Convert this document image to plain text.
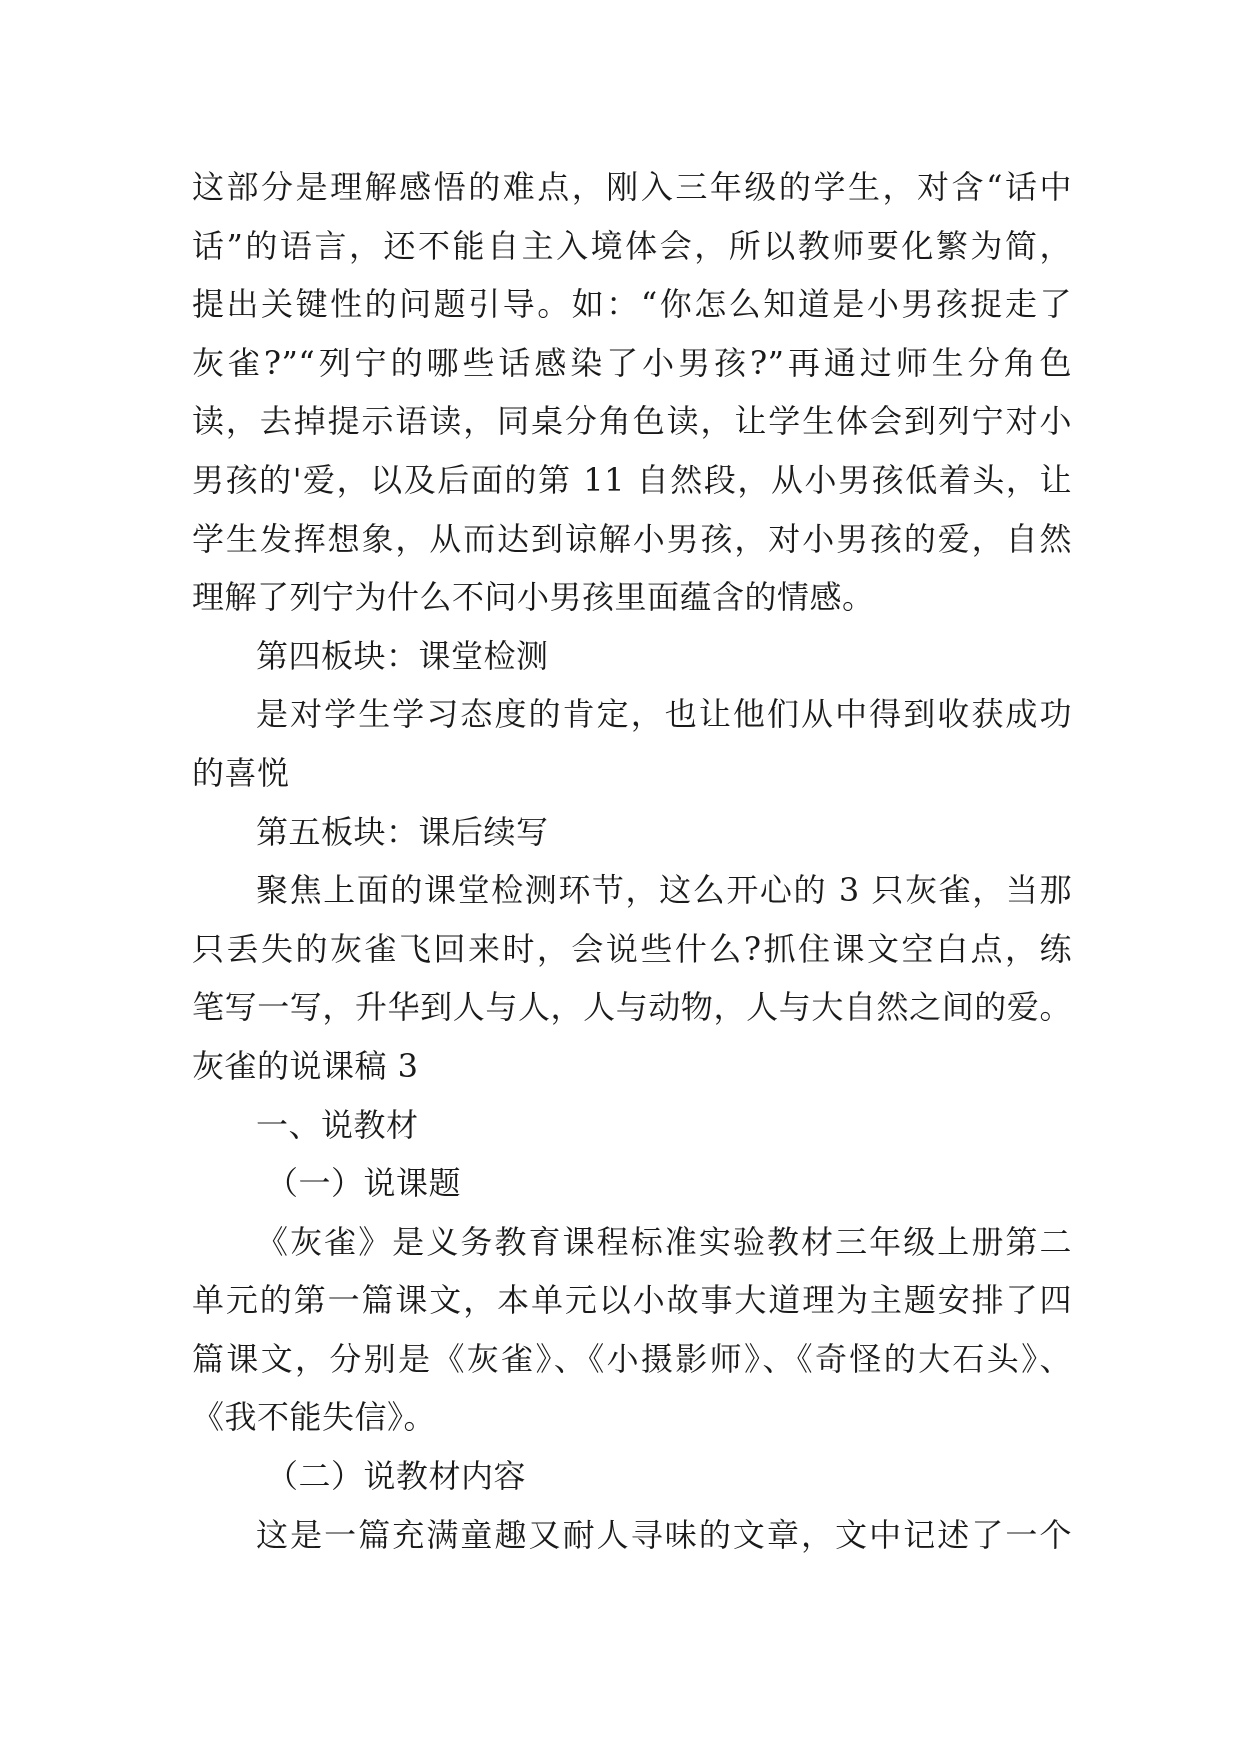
这部分是理解感悟的难点，刚入三年级的学生，对含“话中
话”的语言，还不能自主入境体会，所以教师要化繁为简，
提出关键性的问题引导。如：“你怎么知道是小男孩捉走了
灰雀?”“列宁的哪些话感染了小男孩?”再通过师生分角色
读，去掉提示语读，同桌分角色读，让学生体会到列宁对小
男孩的'爱，以及后面的第 11 自然段，从小男孩低着头，让
学生发挥想象，从而达到谅解小男孩，对小男孩的爱，自然
理解了列宁为什么不问小男孩里面蕴含的情感。
第四板块：课堂检测
是对学生学习态度的肯定，也让他们从中得到收获成功
的喜悦
第五板块：课后续写
聚焦上面的课堂检测环节，这么开心的 3 只灰雀，当那
只丢失的灰雀飞回来时，会说些什么?抓住课文空白点，练
笔写一写，升华到人与人，人与动物，人与大自然之间的爱。
灰雀的说课稿 3
一、说教材
（一）说课题
《灰雀》是义务教育课程标准实验教材三年级上册第二
单元的第一篇课文，本单元以小故事大道理为主题安排了四
篇课文，分别是《灰雀》、《小摄影师》、《奇怪的大石头》、
《我不能失信》。
（二）说教材内容
这是一篇充满童趣又耐人寻味的文章，文中记述了一个
